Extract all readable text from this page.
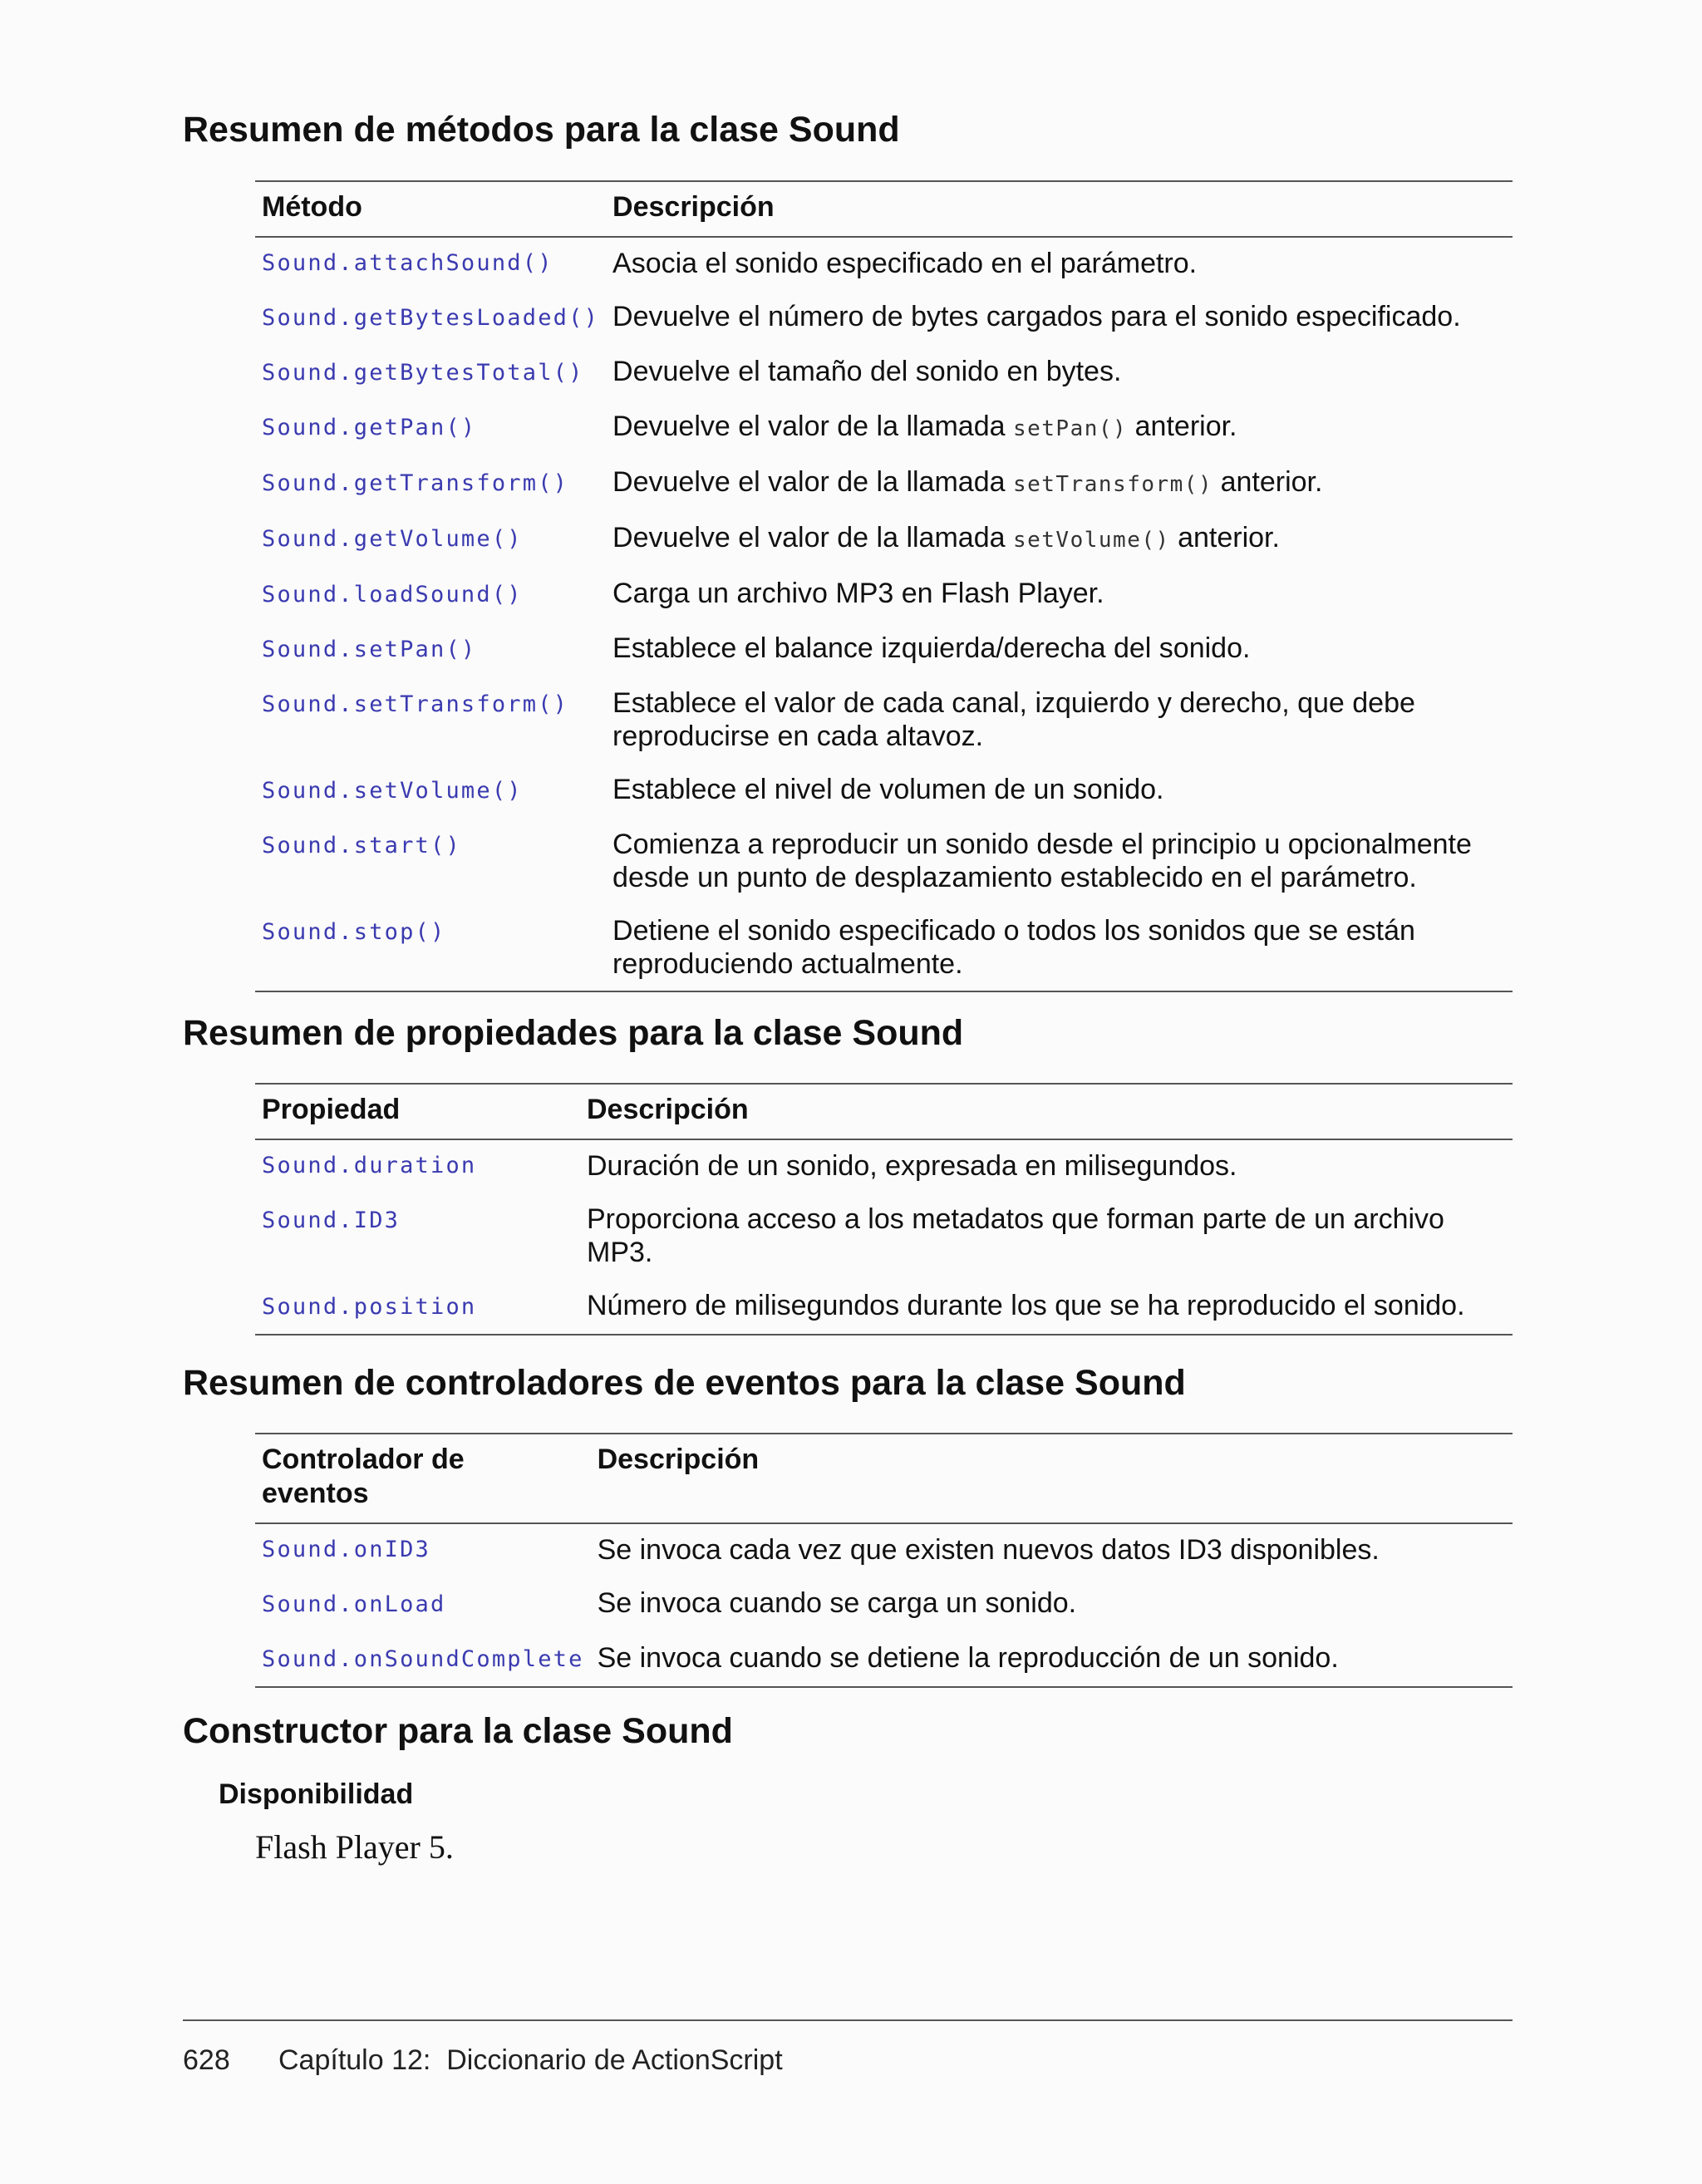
Resumen de métodos para la clase Sound
Método	Descripción
Sound.attachSound()	Asocia el sonido especificado en el parámetro.
Sound.getBytesLoaded()	Devuelve el número de bytes cargados para el sonido especificado.
Sound.getBytesTotal()	Devuelve el tamaño del sonido en bytes.
Sound.getPan()	Devuelve el valor de la llamada setPan() anterior.
Sound.getTransform()	Devuelve el valor de la llamada setTransform() anterior.
Sound.getVolume()	Devuelve el valor de la llamada setVolume() anterior.
Sound.loadSound()	Carga un archivo MP3 en Flash Player.
Sound.setPan()	Establece el balance izquierda/derecha del sonido.
Sound.setTransform()	Establece el valor de cada canal, izquierdo y derecho, que debe
reproducirse en cada altavoz.
Sound.setVolume()	Establece el nivel de volumen de un sonido.
Sound.start()	Comienza a reproducir un sonido desde el principio u opcionalmente
desde un punto de desplazamiento establecido en el parámetro.
Sound.stop()	Detiene el sonido especificado o todos los sonidos que se están
reproduciendo actualmente.
Resumen de propiedades para la clase Sound
Propiedad	Descripción
Sound.duration	Duración de un sonido, expresada en milisegundos.
Sound.ID3	Proporciona acceso a los metadatos que forman parte de un archivo
MP3.
Sound.position	Número de milisegundos durante los que se ha reproducido el sonido.
Resumen de controladores de eventos para la clase Sound
Controlador de
eventos	Descripción
Sound.onID3	Se invoca cada vez que existen nuevos datos ID3 disponibles.
Sound.onLoad	Se invoca cuando se carga un sonido.
Sound.onSoundComplete	Se invoca cuando se detiene la reproducción de un sonido.
Constructor para la clase Sound
Disponibilidad
Flash Player 5.
628 Capítulo 12:  Diccionario de ActionScript
